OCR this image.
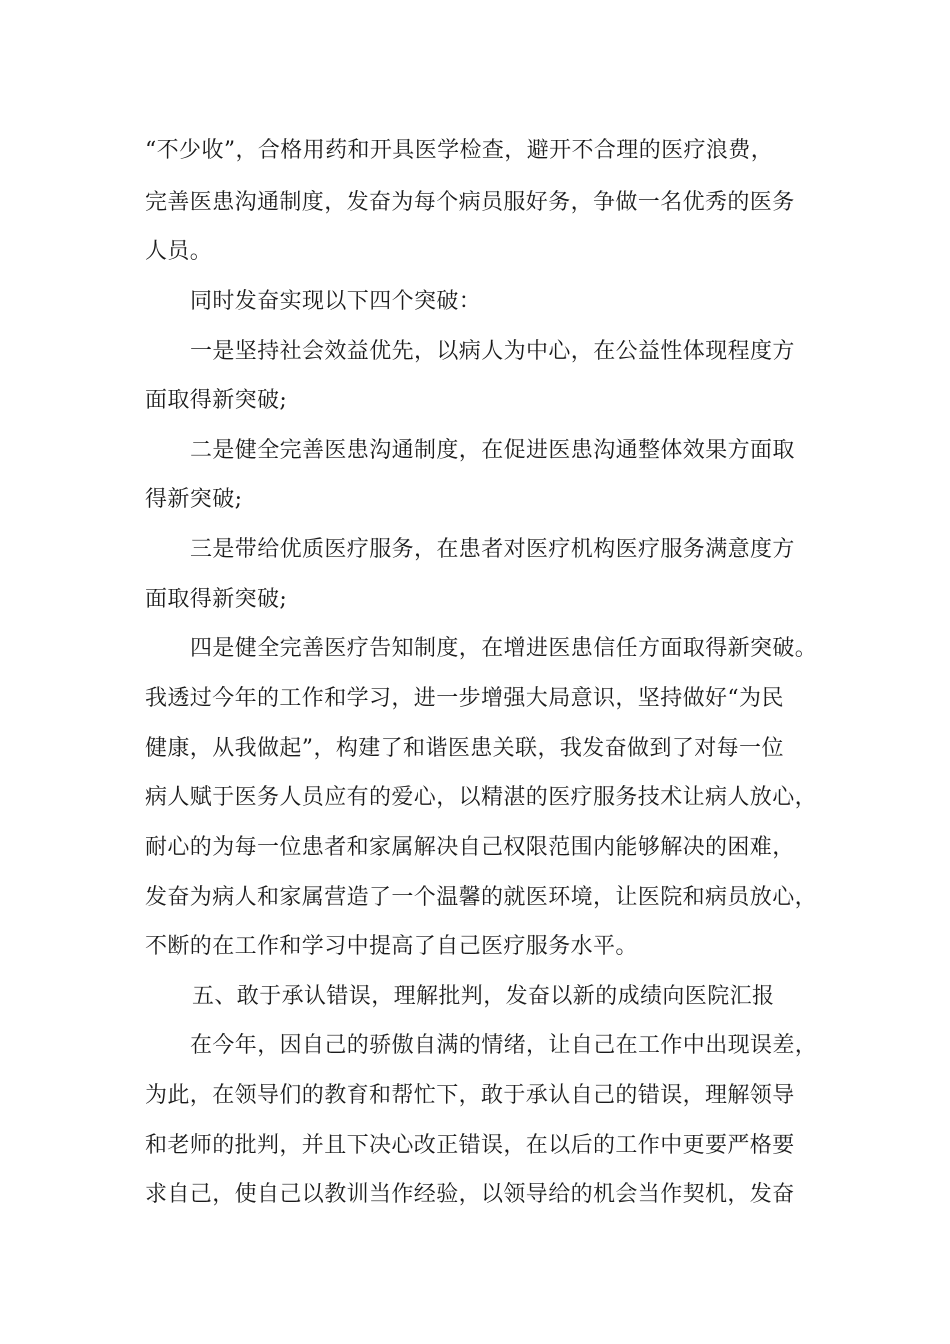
“不少收”，合格用药和开具医学检查，避开不合理的医疗浪费，
完善医患沟通制度，发奋为每个病员服好务，争做一名优秀的医务
人员。
同时发奋实现以下四个突破：
一是坚持社会效益优先，以病人为中心，在公益性体现程度方
面取得新突破;
二是健全完善医患沟通制度，在促进医患沟通整体效果方面取
得新突破;
三是带给优质医疗服务，在患者对医疗机构医疗服务满意度方
面取得新突破;
四是健全完善医疗告知制度，在增进医患信任方面取得新突破。
我透过今年的工作和学习，进一步增强大局意识，坚持做好“为民
健康，从我做起”，构建了和谐医患关联，我发奋做到了对每一位
病人赋于医务人员应有的爱心，以精湛的医疗服务技术让病人放心，
耐心的为每一位患者和家属解决自己权限范围内能够解决的困难，
发奋为病人和家属营造了一个温馨的就医环境，让医院和病员放心，
不断的在工作和学习中提高了自己医疗服务水平。
五、敢于承认错误，理解批判，发奋以新的成绩向医院汇报
在今年，因自己的骄傲自满的情绪，让自己在工作中出现误差，
为此，在领导们的教育和帮忙下，敢于承认自己的错误，理解领导
和老师的批判，并且下决心改正错误，在以后的工作中更要严格要
求自己，使自己以教训当作经验，以领导给的机会当作契机，发奋
